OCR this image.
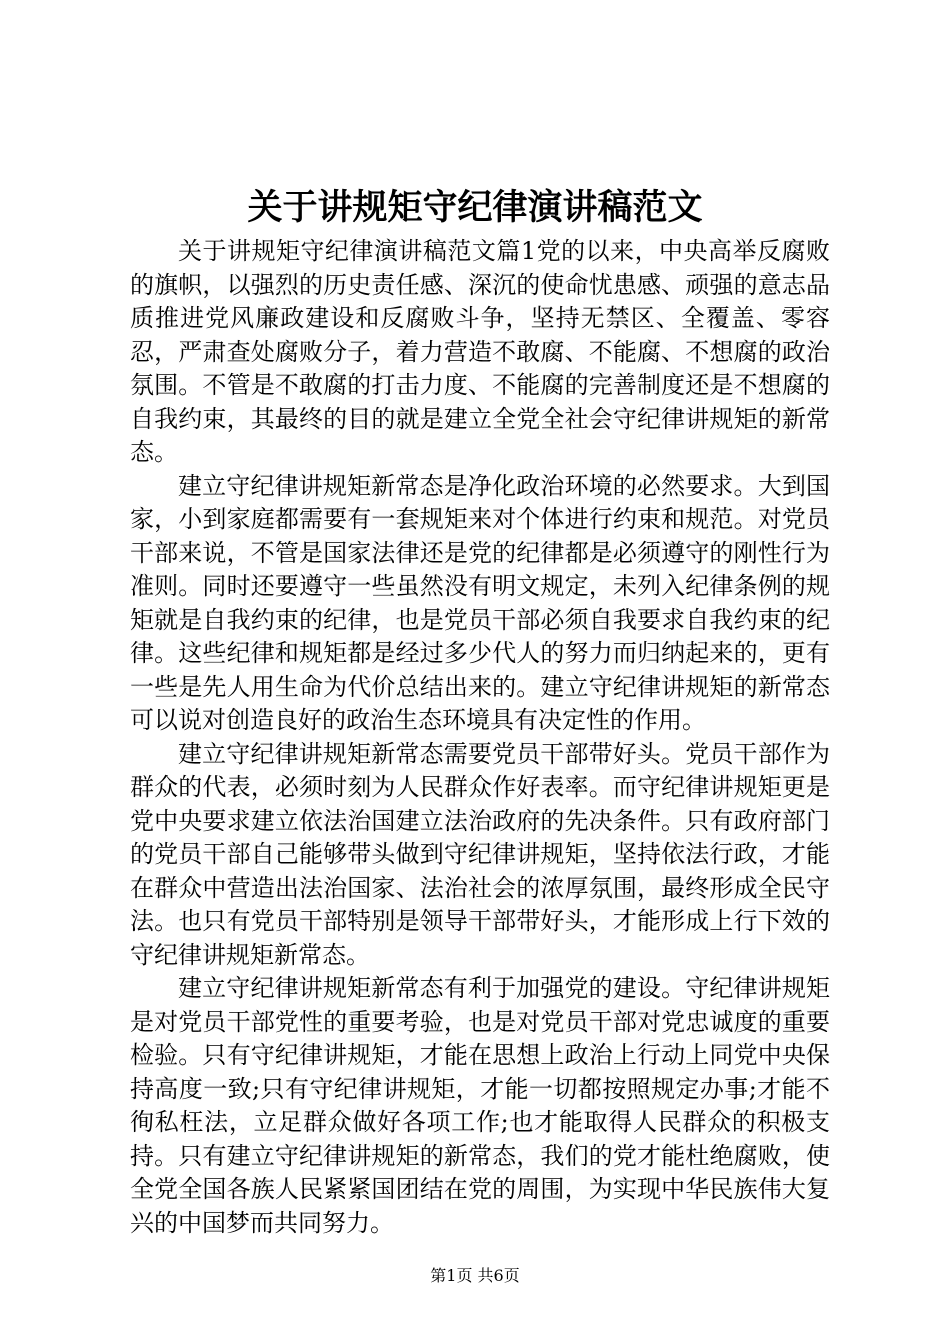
关于讲规矩守纪律演讲稿范文

关于讲规矩守纪律演讲稿范文篇1党的以来，中央高举反腐败的旗帜，以强烈的历史责任感、深沉的使命忧患感、顽强的意志品质推进党风廉政建设和反腐败斗争，坚持无禁区、全覆盖、零容忍，严肃查处腐败分子，着力营造不敢腐、不能腐、不想腐的政治氛围。不管是不敢腐的打击力度、不能腐的完善制度还是不想腐的自我约束，其最终的目的就是建立全党全社会守纪律讲规矩的新常态。

建立守纪律讲规矩新常态是净化政治环境的必然要求。大到国家，小到家庭都需要有一套规矩来对个体进行约束和规范。对党员干部来说，不管是国家法律还是党的纪律都是必须遵守的刚性行为准则。同时还要遵守一些虽然没有明文规定，未列入纪律条例的规矩就是自我约束的纪律，也是党员干部必须自我要求自我约束的纪律。这些纪律和规矩都是经过多少代人的努力而归纳起来的，更有一些是先人用生命为代价总结出来的。建立守纪律讲规矩的新常态可以说对创造良好的政治生态环境具有决定性的作用。

建立守纪律讲规矩新常态需要党员干部带好头。党员干部作为群众的代表，必须时刻为人民群众作好表率。而守纪律讲规矩更是党中央要求建立依法治国建立法治政府的先决条件。只有政府部门的党员干部自己能够带头做到守纪律讲规矩，坚持依法行政，才能在群众中营造出法治国家、法治社会的浓厚氛围，最终形成全民守法。也只有党员干部特别是领导干部带好头，才能形成上行下效的守纪律讲规矩新常态。

建立守纪律讲规矩新常态有利于加强党的建设。守纪律讲规矩是对党员干部党性的重要考验，也是对党员干部对党忠诚度的重要检验。只有守纪律讲规矩，才能在思想上政治上行动上同党中央保持高度一致;只有守纪律讲规矩，才能一切都按照规定办事;才能不徇私枉法，立足群众做好各项工作;也才能取得人民群众的积极支持。只有建立守纪律讲规矩的新常态，我们的党才能杜绝腐败，使全党全国各族人民紧紧国团结在党的周围，为实现中华民族伟大复兴的中国梦而共同努力。

第1页 共6页
